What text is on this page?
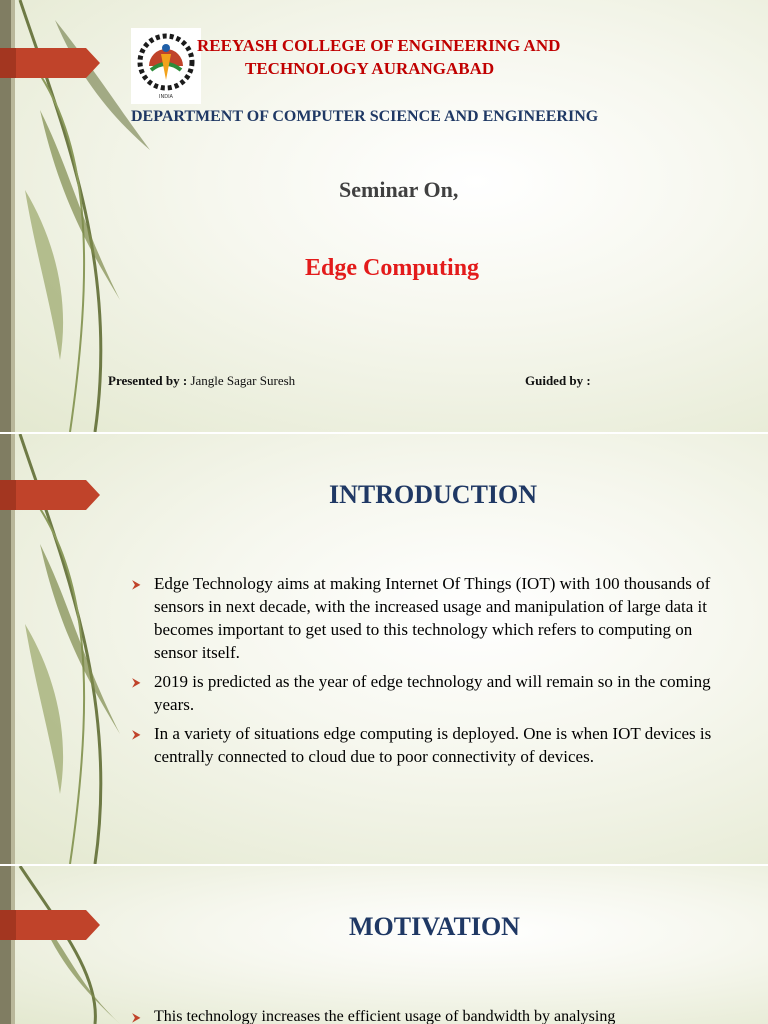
INDIA
REEYASH COLLEGE OF ENGINEERING AND
TECHNOLOGY AURANGABAD
DEPARTMENT OF COMPUTER SCIENCE AND ENGINEERING
Seminar On,
Edge Computing
Presented by : Jangle Sagar Suresh	Guided by :
INTRODUCTION
⮞ Edge Technology aims at making Internet Of Things (IOT) with 100 thousands of sensors in next decade, with the increased usage and manipulation of large data it becomes important to get used to this technology which refers to computing on sensor itself.
⮞ 2019 is predicted as the year of edge technology and will remain so in the coming years.
⮞ In a variety of situations edge computing is deployed. One is when IOT devices is centrally connected to cloud due to poor connectivity of devices.
MOTIVATION
⮞ This technology increases the efficient usage of bandwidth by analysing
